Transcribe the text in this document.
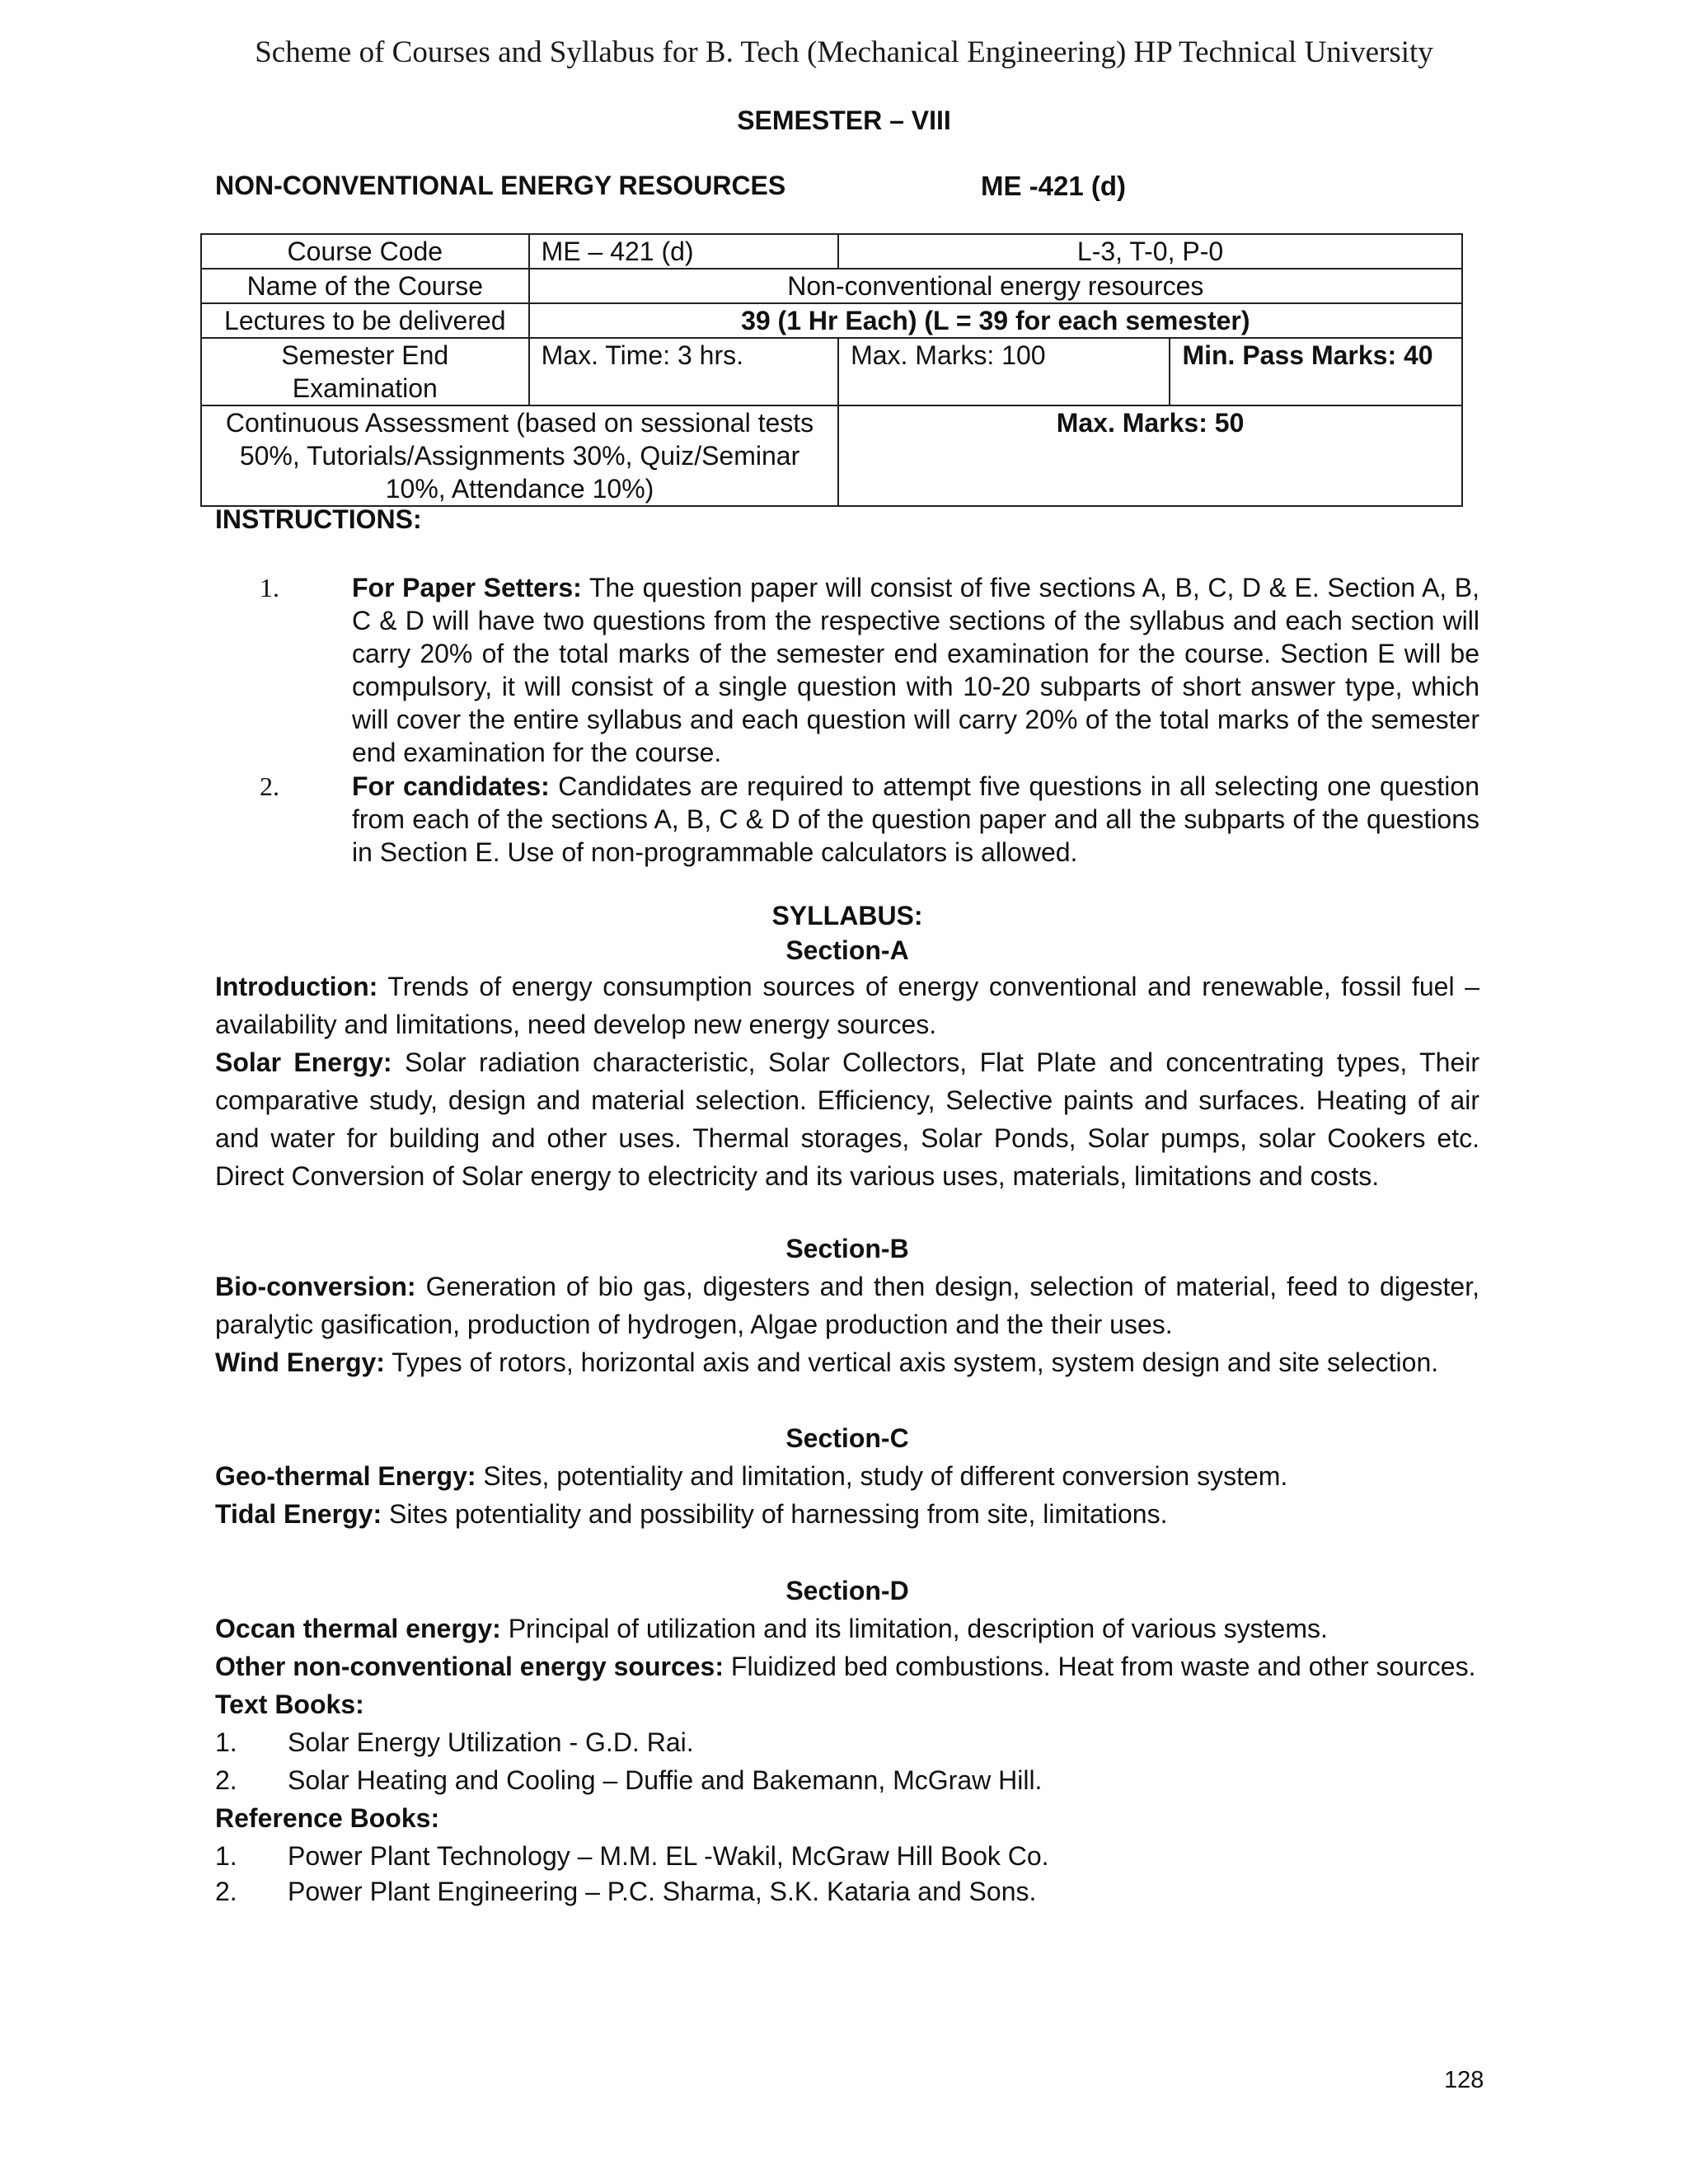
Scheme of Courses and Syllabus for B. Tech (Mechanical Engineering) HP Technical University
SEMESTER – VIII
NON-CONVENTIONAL ENERGY RESOURCES	ME -421 (d)
Course Code	ME – 421 (d)	L-3, T-0, P-0	
Name of the Course	Non-conventional energy resources		
Lectures to be delivered	39 (1 Hr Each) (L = 39 for each semester)		
Semester End Examination	Max. Time: 3 hrs.	Max. Marks: 100	Min. Pass Marks: 40
Continuous Assessment (based on sessional tests 50%, Tutorials/Assignments 30%, Quiz/Seminar 10%, Attendance 10%)		Max. Marks: 50	
INSTRUCTIONS:
1.	For Paper Setters: The question paper will consist of five sections A, B, C, D & E. Section A, B, C & D will have two questions from the respective sections of the syllabus and each section will carry 20% of the total marks of the semester end examination for the course. Section E will be compulsory, it will consist of a single question with 10-20 subparts of short answer type, which will cover the entire syllabus and each question will carry 20% of the total marks of the semester end examination for the course.
2.	For candidates: Candidates are required to attempt five questions in all selecting one question from each of the sections A, B, C & D of the question paper and all the subparts of the questions in Section E. Use of non-programmable calculators is allowed.
SYLLABUS:
Section-A
Introduction: Trends of energy consumption sources of energy conventional and renewable, fossil fuel – availability and limitations, need develop new energy sources.
Solar Energy: Solar radiation characteristic, Solar Collectors, Flat Plate and concentrating types, Their comparative study, design and material selection. Efficiency, Selective paints and surfaces. Heating of air and water for building and other uses. Thermal storages, Solar Ponds, Solar pumps, solar Cookers etc. Direct Conversion of Solar energy to electricity and its various uses, materials, limitations and costs.
Section-B
Bio-conversion: Generation of bio gas, digesters and then design, selection of material, feed to digester, paralytic gasification, production of hydrogen, Algae production and the their uses.
Wind Energy: Types of rotors, horizontal axis and vertical axis system, system design and site selection.
Section-C
Geo-thermal Energy: Sites, potentiality and limitation, study of different conversion system.
Tidal Energy: Sites potentiality and possibility of harnessing from site, limitations.
Section-D
Occan thermal energy: Principal of utilization and its limitation, description of various systems.
Other non-conventional energy sources: Fluidized bed combustions. Heat from waste and other sources.
Text Books:
1. Solar Energy Utilization - G.D. Rai.
2. Solar Heating and Cooling – Duffie and Bakemann, McGraw Hill.
Reference Books:
1. Power Plant Technology – M.M. EL -Wakil, McGraw Hill Book Co.
2. Power Plant Engineering – P.C. Sharma, S.K. Kataria and Sons.
128
